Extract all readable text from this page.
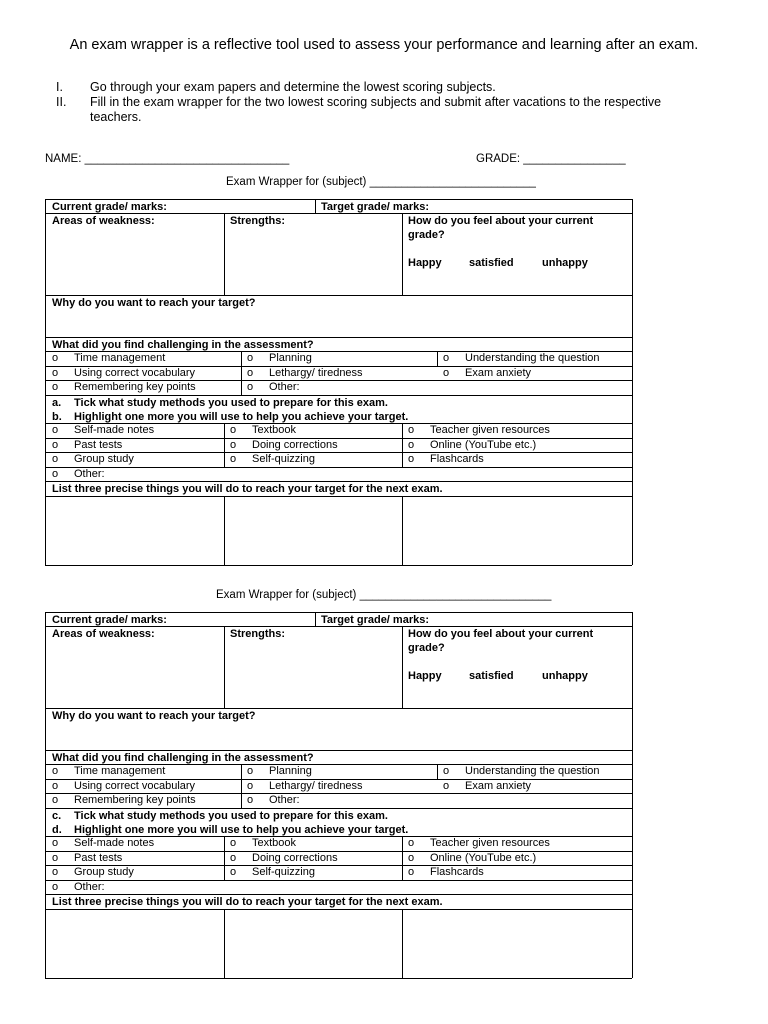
An exam wrapper is a reflective tool used to assess your performance and learning after an exam.
I.	Go through your exam papers and determine the lowest scoring subjects.
II.	Fill in the exam wrapper for the two lowest scoring subjects and submit after vacations to the respective teachers.
NAME: ________________________________	GRADE: ________________
Exam Wrapper for (subject) __________________________
Current grade/ marks:	Target grade/ marks:
Areas of weakness:	Strengths:	How do you feel about your current grade?
Happy satisfied	unhappy
Why do you want to reach your target?
What did you find challenging in the assessment?
o Time management	o Planning	o Understanding the question
o Using correct vocabulary	o Lethargy/ tiredness	o Exam anxiety
o Remembering key points	o Other:
a. Tick what study methods you used to prepare for this exam.
b. Highlight one more you will use to help you achieve your target.
o Self-made notes	o Textbook	o Teacher given resources
o Past tests	o Doing corrections	o Online (YouTube etc.)
o Group study	o Self-quizzing	o Flashcards
o Other:
List three precise things you will do to reach your target for the next exam.
Exam Wrapper for (subject) ______________________________
Current grade/ marks:	Target grade/ marks:
Areas of weakness:	Strengths:	How do you feel about your current grade?
Happy satisfied	unhappy
Why do you want to reach your target?
What did you find challenging in the assessment?
o Time management	o Planning	o Understanding the question
o Using correct vocabulary	o Lethargy/ tiredness	o Exam anxiety
o Remembering key points	o Other:
c. Tick what study methods you used to prepare for this exam.
d. Highlight one more you will use to help you achieve your target.
o Self-made notes	o Textbook	o Teacher given resources
o Past tests	o Doing corrections	o Online (YouTube etc.)
o Group study	o Self-quizzing	o Flashcards
o Other:
List three precise things you will do to reach your target for the next exam.
